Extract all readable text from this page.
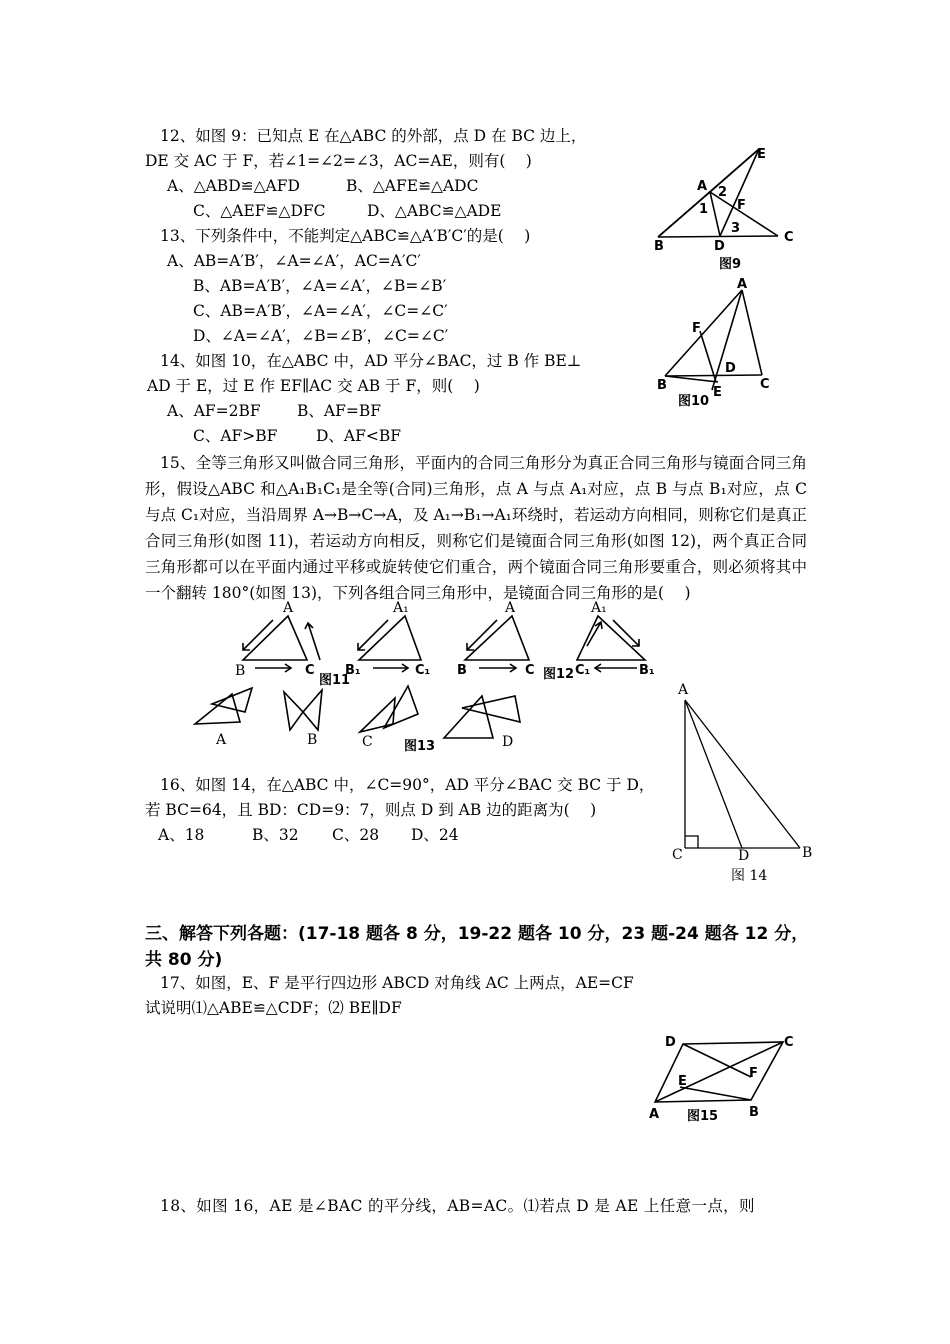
12、如图 9：已知点 E 在△ABC 的外部，点 D 在 BC 边上，
DE 交 AC 于 F，若∠1=∠2=∠3，AC=AE，则有(　 )
A、△ABD≌△AFD	B、△AFE≌△ADC
C、△AEF≌△DFC	D、△ABC≌△ADE
13、下列条件中，不能判定△ABC≌△A′B′C′的是(　 )
A、AB=A′B′，∠A=∠A′，AC=A′C′
B、AB=A′B′，∠A=∠A′，∠B=∠B′
C、AB=A′B′，∠A=∠A′，∠C=∠C′
D、∠A=∠A′，∠B=∠B′，∠C=∠C′
14、如图 10，在△ABC 中，AD 平分∠BAC，过 B 作 BE⊥
AD 于 E，过 E 作 EF∥AC 交 AB 于 F，则(　 )
A、AF=2BF B、AF=BF
C、AF>BF D、AF<BF
15、全等三角形又叫做合同三角形，平面内的合同三角形分为真正合同三角形与镜面合同三角形，假设△ABC 和△A₁B₁C₁是全等(合同)三角形，点 A 与点 A₁对应，点 B 与点 B₁对应，点 C 与点 C₁对应，当沿周界 A→B→C→A，及 A₁→B₁→A₁环绕时，若运动方向相同，则称它们是真正合同三角形(如图 11)，若运动方向相反，则称它们是镜面合同三角形(如图 12)，两个真正合同三角形都可以在平面内通过平移或旋转使它们重合，两个镜面合同三角形要重合，则必须将其中一个翻转 180°(如图 13)，下列各组合同三角形中，是镜面合同三角形的是(　 )
16、如图 14，在△ABC 中，∠C=90°，AD 平分∠BAC 交 BC 于 D，
若 BC=64，且 BD：CD=9：7，则点 D 到 AB 边的距离为(　 )
A、18	B、32 C、28 D、24
三、解答下列各题：(17-18 题各 8 分，19-22 题各 10 分，23 题-24 题各 12 分，共 80 分)
17、如图，E、F 是平行四边形 ABCD 对角线 AC 上两点，AE=CF
试说明⑴△ABE≌△CDF；⑵ BE∥DF
18、如图 16，AE 是∠BAC 的平分线，AB=AC。⑴若点 D 是 AE 上任意一点，则
E
A 2
1 F
3
B	D
C
图9
A
F
D
B	C
E
图10
A
B	C
A₁
B₁	C₁
图11
A
B	C
A₁
C₁	B₁
图12
A	B	C 图13	D
A
C	D	B
图 14
D	C
F
E
A	B
图15
